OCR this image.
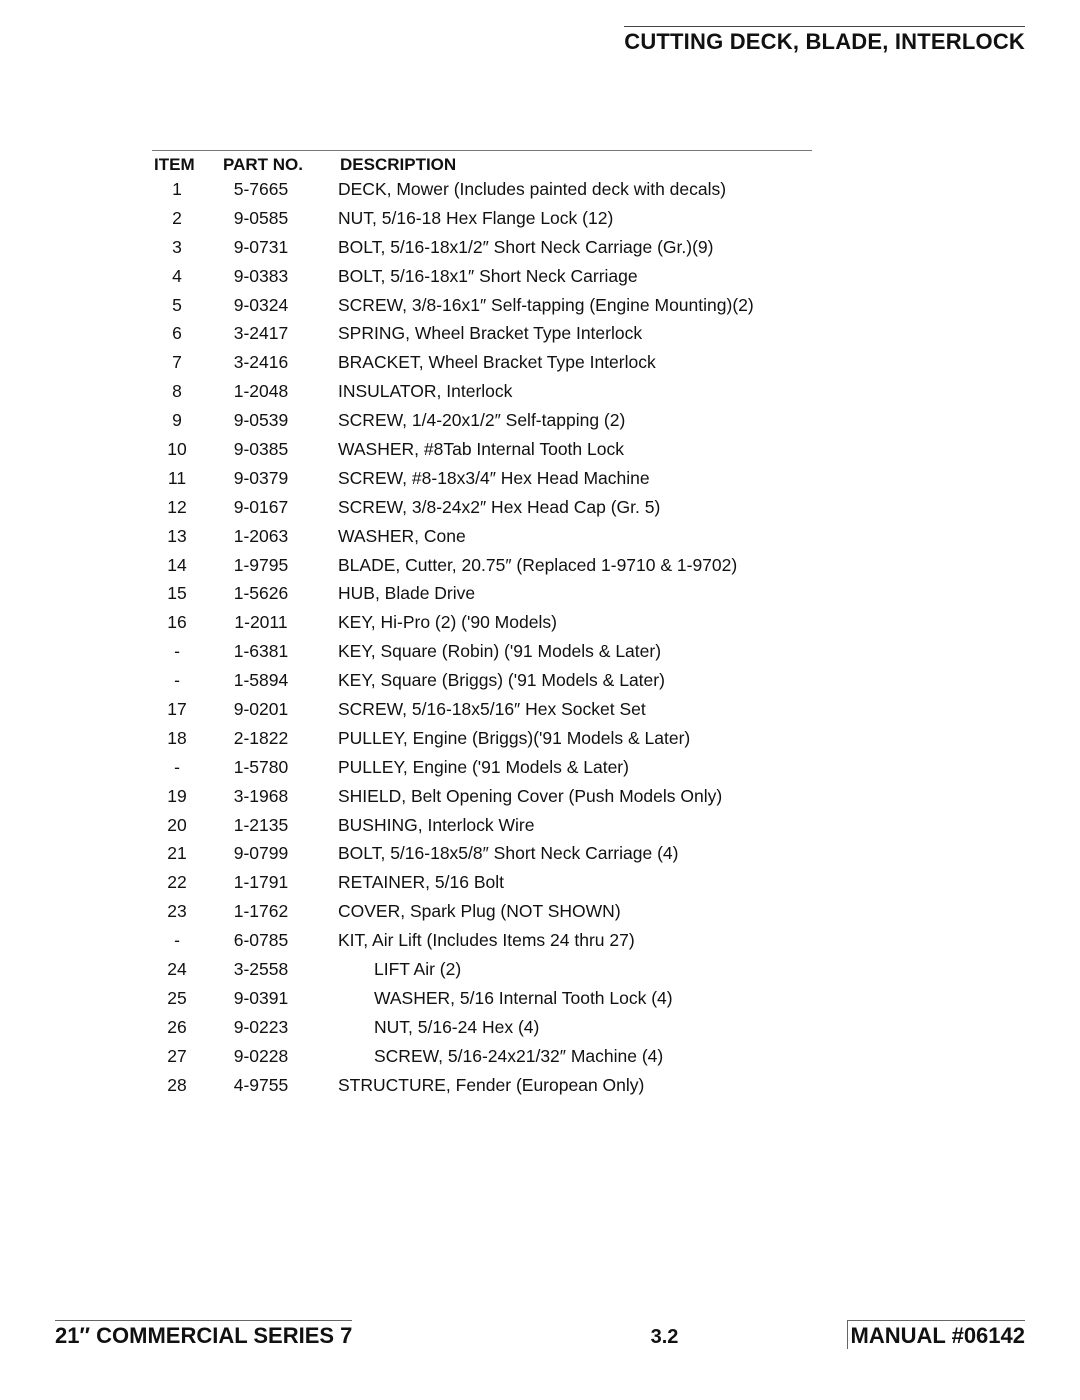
CUTTING DECK, BLADE, INTERLOCK
ITEM	PART NO.	DESCRIPTION
1	5-7665	DECK, Mower (Includes painted deck with decals)
2	9-0585	NUT, 5/16-18 Hex Flange Lock (12)
3	9-0731	BOLT, 5/16-18x1/2″ Short Neck Carriage (Gr.)(9)
4	9-0383	BOLT, 5/16-18x1″ Short Neck Carriage
5	9-0324	SCREW, 3/8-16x1″ Self-tapping (Engine Mounting)(2)
6	3-2417	SPRING, Wheel Bracket Type Interlock
7	3-2416	BRACKET, Wheel Bracket Type Interlock
8	1-2048	INSULATOR, Interlock
9	9-0539	SCREW, 1/4-20x1/2″ Self-tapping (2)
10	9-0385	WASHER, #8Tab Internal Tooth Lock
11	9-0379	SCREW, #8-18x3/4″ Hex Head Machine
12	9-0167	SCREW, 3/8-24x2″ Hex Head Cap (Gr. 5)
13	1-2063	WASHER, Cone
14	1-9795	BLADE, Cutter, 20.75″ (Replaced 1-9710 & 1-9702)
15	1-5626	HUB, Blade Drive
16	1-2011	KEY, Hi-Pro (2) ('90 Models)
-	1-6381	KEY, Square (Robin) ('91 Models & Later)
-	1-5894	KEY, Square (Briggs) ('91 Models & Later)
17	9-0201	SCREW, 5/16-18x5/16″ Hex Socket Set
18	2-1822	PULLEY, Engine (Briggs)('91 Models & Later)
-	1-5780	PULLEY, Engine ('91 Models & Later)
19	3-1968	SHIELD, Belt Opening Cover (Push Models Only)
20	1-2135	BUSHING, Interlock Wire
21	9-0799	BOLT, 5/16-18x5/8″ Short Neck Carriage (4)
22	1-1791	RETAINER, 5/16 Bolt
23	1-1762	COVER, Spark Plug (NOT SHOWN)
-	6-0785	KIT, Air Lift (Includes Items 24 thru 27)
24	3-2558	LIFT Air (2)
25	9-0391	WASHER, 5/16 Internal Tooth Lock (4)
26	9-0223	NUT, 5/16-24 Hex (4)
27	9-0228	SCREW, 5/16-24x21/32″ Machine (4)
28	4-9755	STRUCTURE, Fender (European Only)
21″ COMMERCIAL SERIES 7	3.2	MANUAL #06142
